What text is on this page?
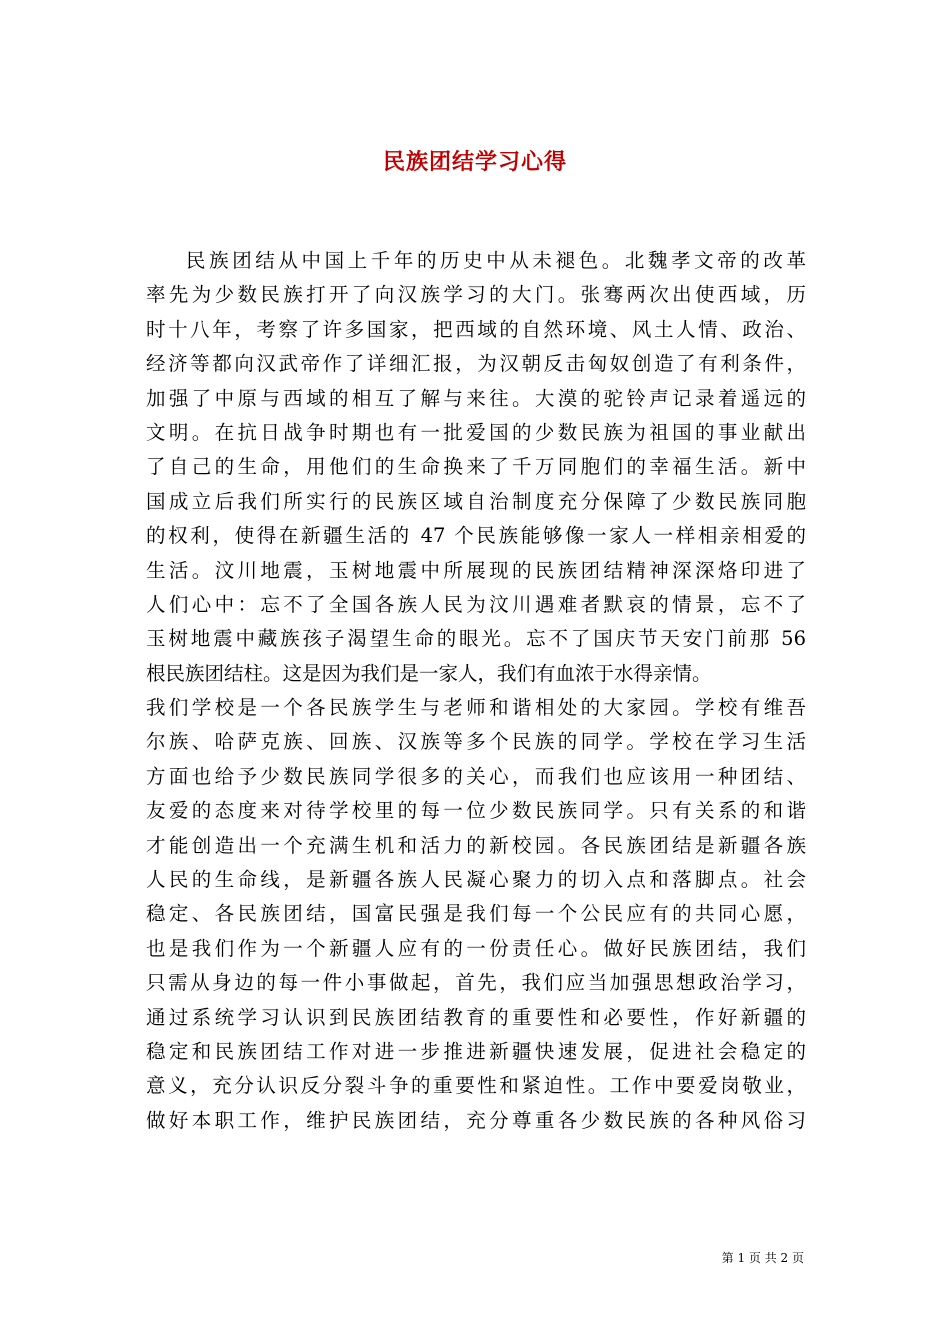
民族团结学习心得
民族团结从中国上千年的历史中从未褪色。北魏孝文帝的改革
率先为少数民族打开了向汉族学习的大门。张骞两次出使西域，历
时十八年，考察了许多国家，把西域的自然环境、风土人情、政治、
经济等都向汉武帝作了详细汇报，为汉朝反击匈奴创造了有利条件，
加强了中原与西域的相互了解与来往。大漠的驼铃声记录着遥远的
文明。在抗日战争时期也有一批爱国的少数民族为祖国的事业献出
了自己的生命，用他们的生命换来了千万同胞们的幸福生活。新中
国成立后我们所实行的民族区域自治制度充分保障了少数民族同胞
的权利，使得在新疆生活的 47 个民族能够像一家人一样相亲相爱的
生活。汶川地震，玉树地震中所展现的民族团结精神深深烙印进了
人们心中：忘不了全国各族人民为汶川遇难者默哀的情景，忘不了
玉树地震中藏族孩子渴望生命的眼光。忘不了国庆节天安门前那 56
根民族团结柱。这是因为我们是一家人，我们有血浓于水得亲情。
我们学校是一个各民族学生与老师和谐相处的大家园。学校有维吾
尔族、哈萨克族、回族、汉族等多个民族的同学。学校在学习生活
方面也给予少数民族同学很多的关心，而我们也应该用一种团结、
友爱的态度来对待学校里的每一位少数民族同学。只有关系的和谐
才能创造出一个充满生机和活力的新校园。各民族团结是新疆各族
人民的生命线，是新疆各族人民凝心聚力的切入点和落脚点。社会
稳定、各民族团结，国富民强是我们每一个公民应有的共同心愿，
也是我们作为一个新疆人应有的一份责任心。做好民族团结，我们
只需从身边的每一件小事做起，首先，我们应当加强思想政治学习，
通过系统学习认识到民族团结教育的重要性和必要性，作好新疆的
稳定和民族团结工作对进一步推进新疆快速发展，促进社会稳定的
意义，充分认识反分裂斗争的重要性和紧迫性。工作中要爱岗敬业，
做好本职工作，维护民族团结，充分尊重各少数民族的各种风俗习
第 1 页 共 2 页
